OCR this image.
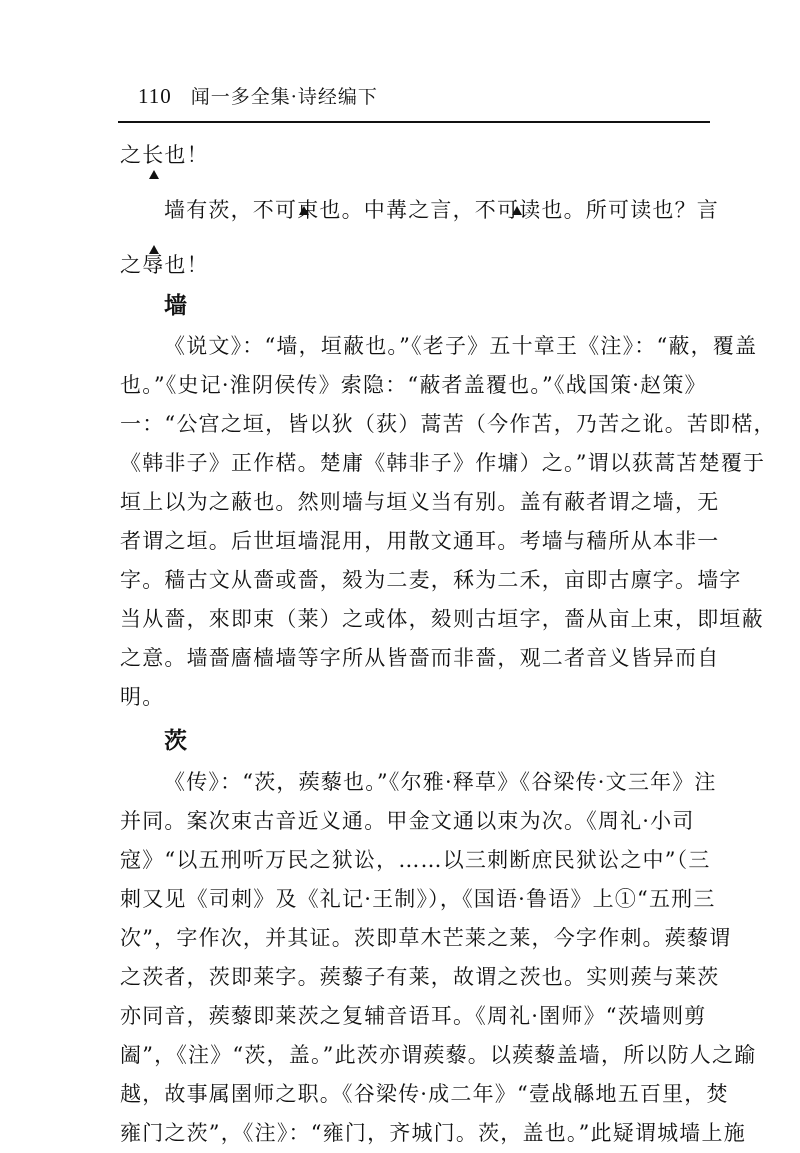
110 闻一多全集·诗经编下
之长也！
墙有茨，不可束也。中冓之言，不可读也。所可读也？言
之辱也！
墙
《说文》：“墙，垣蔽也。”《老子》五十章王《注》：“蔽，覆盖
也。”《史记·淮阴侯传》索隐：“蔽者盖覆也。”《战国策·赵策》
一：“公宫之垣，皆以狄（荻）蒿苦（今作苫，乃苦之讹。苦即楛，
《韩非子》正作楛。楚庸《韩非子》作墉）之。”谓以荻蒿苫楚覆于
垣上以为之蔽也。然则墙与垣义当有别。盖有蔽者谓之墙，无
者谓之垣。后世垣墙混用，用散文通耳。考墙与穑所从本非一
字。穑古文从嗇或嗇，㱾为二麦，秝为二禾，亩即古廪字。墙字
当从嗇，來即束（莱）之或体，㱾则古垣字，嗇从亩上束，即垣蔽
之意。墙嗇廧樯墙等字所从皆嗇而非嗇，观二者音义皆异而自
明。
茨
《传》：“茨，蒺藜也。”《尔雅·释草》《谷梁传·文三年》注
并同。案次束古音近义通。甲金文通以朿为次。《周礼·小司
寇》“以五刑听万民之狱讼，……以三刺断庶民狱讼之中”（三
刺又见《司刺》及《礼记·王制》），《国语·鲁语》上①“五刑三
次”，字作次，并其证。茨即草木芒莱之莱，今字作刺。蒺藜谓
之茨者，茨即莱字。蒺藜子有莱，故谓之茨也。实则蒺与莱茨
亦同音，蒺藜即莱茨之复辅音语耳。《周礼·圉师》“茨墙则剪
阖”，《注》“茨，盖。”此茨亦谓蒺藜。以蒺藜盖墙，所以防人之踰
越，故事属圉师之职。《谷梁传·成二年》“壹战緜地五百里，焚
雍门之茨”，《注》：“雍门，齐城门。茨，盖也。”此疑谓城墙上施
